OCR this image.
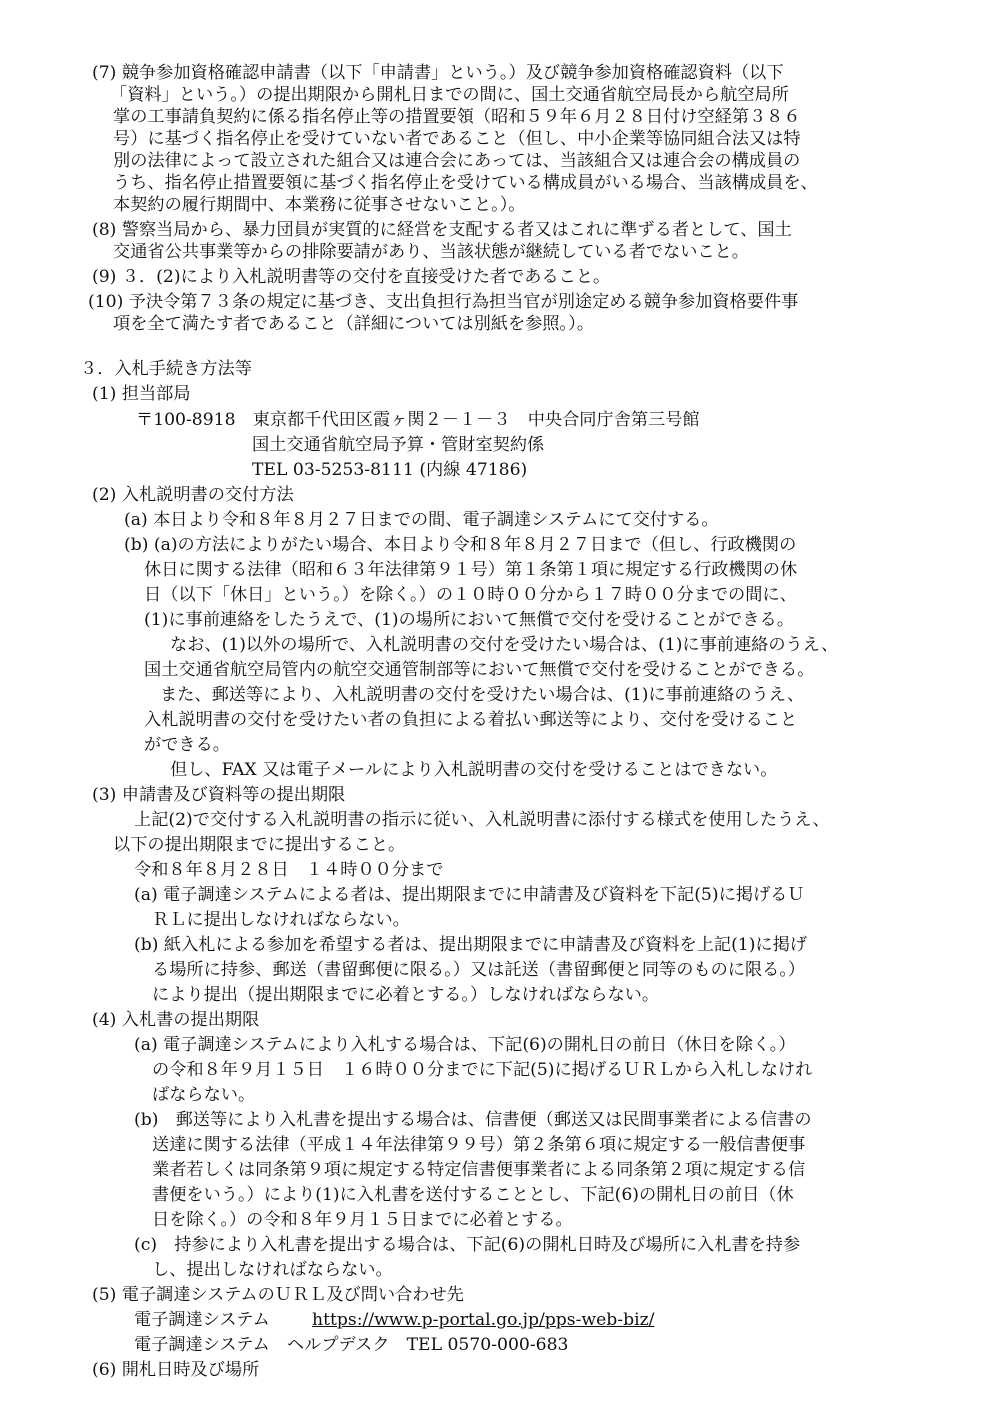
(7) 競争参加資格確認申請書（以下「申請書」という。）及び競争参加資格確認資料（以下
「資料」という。）の提出期限から開札日までの間に、国土交通省航空局長から航空局所
掌の工事請負契約に係る指名停止等の措置要領（昭和５９年６月２８日付け空経第３８６
号）に基づく指名停止を受けていない者であること（但し、中小企業等協同組合法又は特
別の法律によって設立された組合又は連合会にあっては、当該組合又は連合会の構成員の
うち、指名停止措置要領に基づく指名停止を受けている構成員がいる場合、当該構成員を、
本契約の履行期間中、本業務に従事させないこと。）。
(8) 警察当局から、暴力団員が実質的に経営を支配する者又はこれに準ずる者として、国土
交通省公共事業等からの排除要請があり、当該状態が継続している者でないこと。
(9) ３．(2)により入札説明書等の交付を直接受けた者であること。
(10) 予決令第７３条の規定に基づき、支出負担行為担当官が別途定める競争参加資格要件事
項を全て満たす者であること（詳細については別紙を参照。）。
３．入札手続き方法等
(1) 担当部局
〒100-8918　東京都千代田区霞ヶ関２－１－３　中央合同庁舎第三号館
国土交通省航空局予算・管財室契約係
TEL 03-5253-8111 (内線 47186)
(2) 入札説明書の交付方法
(a) 本日より令和８年８月２７日までの間、電子調達システムにて交付する。
(b) (a)の方法によりがたい場合、本日より令和８年８月２７日まで（但し、行政機関の
休日に関する法律（昭和６３年法律第９１号）第１条第１項に規定する行政機関の休
日（以下「休日」という。）を除く。）の１０時００分から１７時００分までの間に、
(1)に事前連絡をしたうえで、(1)の場所において無償で交付を受けることができる。
なお、(1)以外の場所で、入札説明書の交付を受けたい場合は、(1)に事前連絡のうえ、
国土交通省航空局管内の航空交通管制部等において無償で交付を受けることができる。
また、郵送等により、入札説明書の交付を受けたい場合は、(1)に事前連絡のうえ、
入札説明書の交付を受けたい者の負担による着払い郵送等により、交付を受けること
ができる。
但し、FAX 又は電子メールにより入札説明書の交付を受けることはできない。
(3) 申請書及び資料等の提出期限
上記(2)で交付する入札説明書の指示に従い、入札説明書に添付する様式を使用したうえ、
以下の提出期限までに提出すること。
令和８年８月２８日　１４時００分まで
(a) 電子調達システムによる者は、提出期限までに申請書及び資料を下記(5)に掲げるＵ
ＲＬに提出しなければならない。
(b) 紙入札による参加を希望する者は、提出期限までに申請書及び資料を上記(1)に掲げ
る場所に持参、郵送（書留郵便に限る。）又は託送（書留郵便と同等のものに限る。）
により提出（提出期限までに必着とする。）しなければならない。
(4) 入札書の提出期限
(a) 電子調達システムにより入札する場合は、下記(6)の開札日の前日（休日を除く。）
の令和８年９月１５日　１６時００分までに下記(5)に掲げるＵＲＬから入札しなけれ
ばならない。
(b)　郵送等により入札書を提出する場合は、信書便（郵送又は民間事業者による信書の
送達に関する法律（平成１４年法律第９９号）第２条第６項に規定する一般信書便事
業者若しくは同条第９項に規定する特定信書便事業者による同条第２項に規定する信
書便をいう。）により(1)に入札書を送付することとし、下記(6)の開札日の前日（休
日を除く。）の令和８年９月１５日までに必着とする。
(c)　持参により入札書を提出する場合は、下記(6)の開札日時及び場所に入札書を持参
し、提出しなければならない。
(5) 電子調達システムのＵＲＬ及び問い合わせ先
電子調達システム　 https://www.p-portal.go.jp/pps-web-biz/
電子調達システム　ヘルプデスク　TEL 0570-000-683
(6) 開札日時及び場所
